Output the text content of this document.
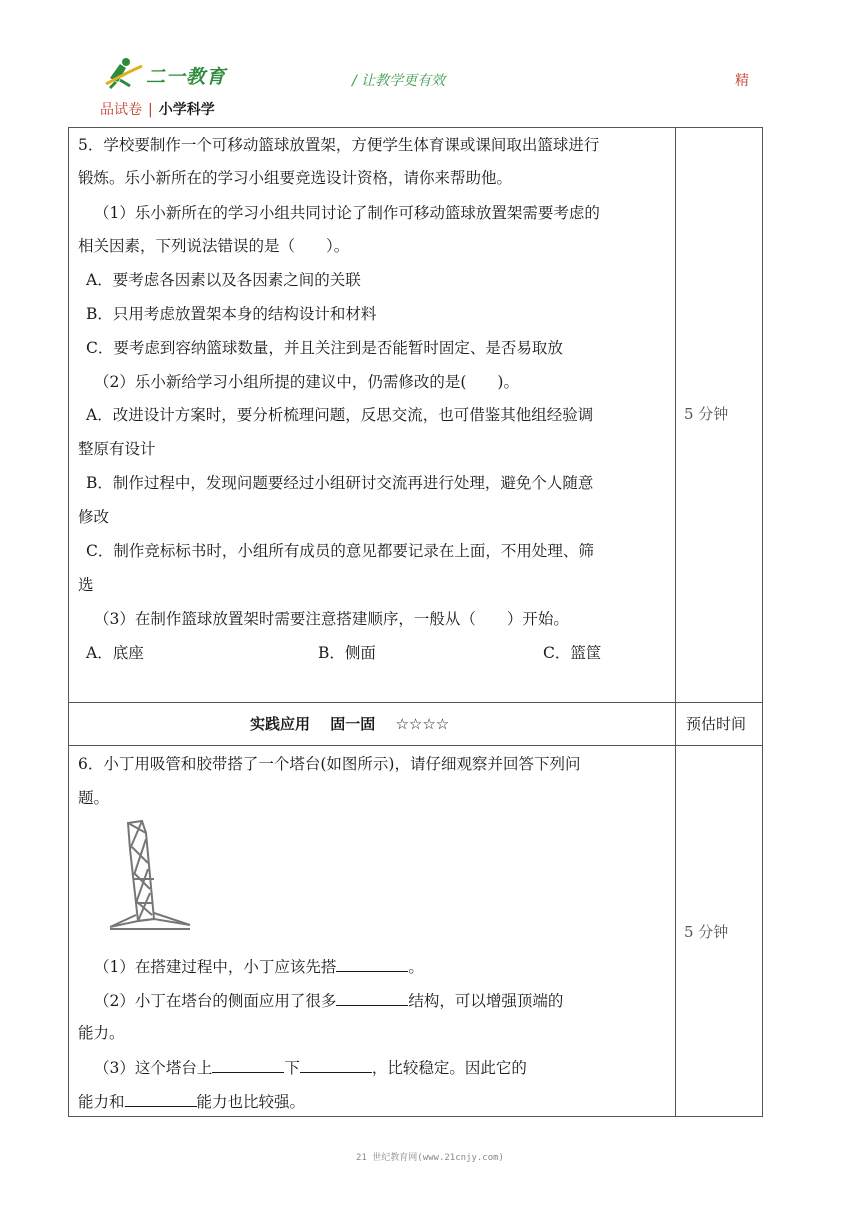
二一教育	/ 让教学更有效	精
品试卷 | 小学科学
5．学校要制作一个可移动篮球放置架，方便学生体育课或课间取出篮球进行
锻炼。乐小新所在的学习小组要竞选设计资格，请你来帮助他。
（1）乐小新所在的学习小组共同讨论了制作可移动篮球放置架需要考虑的
相关因素，下列说法错误的是（　　）。
A．要考虑各因素以及各因素之间的关联
B．只用考虑放置架本身的结构设计和材料
C．要考虑到容纳篮球数量，并且关注到是否能暂时固定、是否易取放
（2）乐小新给学习小组所提的建议中，仍需修改的是(　　)。
A．改进设计方案时，要分析梳理问题，反思交流，也可借鉴其他组经验调
整原有设计
B．制作过程中，发现问题要经过小组研讨交流再进行处理，避免个人随意
修改
C．制作竞标标书时，小组所有成员的意见都要记录在上面，不用处理、筛
选
（3）在制作篮球放置架时需要注意搭建顺序，一般从（　　）开始。
A．底座	B．侧面	C．篮筐
5 分钟
实践应用　 固一固　 ☆☆☆☆	预估时间
6．小丁用吸管和胶带搭了一个塔台(如图所示)，请仔细观察并回答下列问
题。
（1）在搭建过程中，小丁应该先搭	。
（2）小丁在塔台的侧面应用了很多	结构，可以增强顶端的
能力。
（3）这个塔台上	下	，比较稳定。因此它的
能力和	能力也比较强。
5 分钟
21 世纪教育网(www.21cnjy.com)
